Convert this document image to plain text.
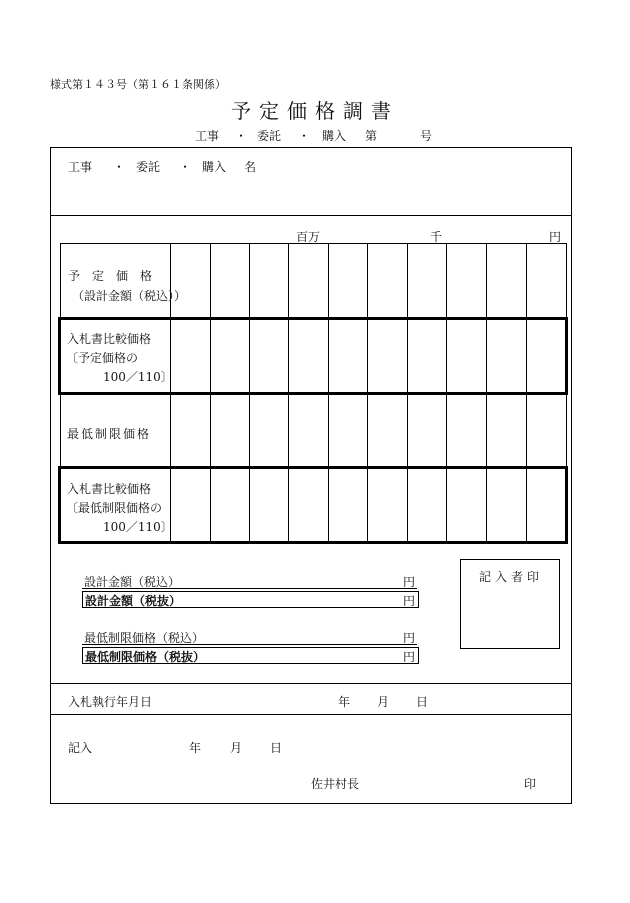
様式第１４３号（第１６１条関係）
予定価格調書
工事 ・ 委託 ・ 購入 第	号
工事 ・ 委託 ・ 購入 名
百万	千	円
予　定　価　格
（設計金額（税込））
入札書比較価格
〔予定価格の
100／110〕
最低制限価格
入札書比較価格
〔最低制限価格の
100／110〕
設計金額（税込）	円
設計金額（税抜）	円
最低制限価格（税込）	円
最低制限価格（税抜）	円
記入者印
入札執行年月日	年 月 日
記入	年 月 日
佐井村長	印
